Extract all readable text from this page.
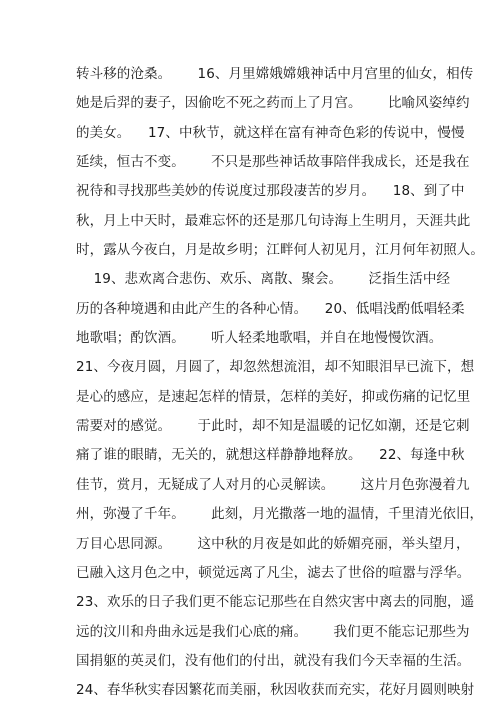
转斗移的沧桑。      16、月里嫦娥嫦娥神话中月宫里的仙女，相传
她是后羿的妻子，因偷吃不死之药而上了月宫。      比喻风姿绰约
的美女。    17、中秋节，就这样在富有神奇色彩的传说中，慢慢
延续，恒古不变。      不只是那些神话故事陪伴我成长，还是我在
祝待和寻找那些美妙的传说度过那段凄苦的岁月。    18、到了中
秋，月上中天时，最难忘怀的还是那几句诗海上生明月，天涯共此
时，露从今夜白，月是故乡明；江畔何人初见月，江月何年初照人。
19、悲欢离合悲伤、欢乐、离散、聚会。      泛指生活中经
历的各种境遇和由此产生的各种心情。    20、低唱浅酌低唱轻柔
地歌唱；酌饮酒。      听人轻柔地歌唱，并自在地慢慢饮酒。
21、今夜月圆，月圆了，却忽然想流泪，却不知眼泪早已流下，想
是心的感应，是速起怎样的情景，怎样的美好，抑或伤痛的记忆里
需要对的感觉。      于此时，却不知是温暖的记忆如潮，还是它刺
痛了谁的眼睛，无关的，就想这样静静地释放。    22、每逢中秋
佳节，赏月，无疑成了人对月的心灵解读。      这片月色弥漫着九
州，弥漫了千年。      此刻，月光撒落一地的温情，千里清光依旧，
万目心思同源。      这中秋的月夜是如此的娇媚亮丽，举头望月，
已融入这月色之中，顿觉远离了凡尘，滤去了世俗的喧嚣与浮华。
23、欢乐的日子我们更不能忘记那些在自然灾害中离去的同胞，遥
远的汶川和舟曲永远是我们心底的痛。      我们更不能忘记那些为
国捐躯的英灵们，没有他们的付出，就没有我们今天幸福的生活。
24、春华秋实春因繁花而美丽，秋因收获而充实，花好月圆则映射
